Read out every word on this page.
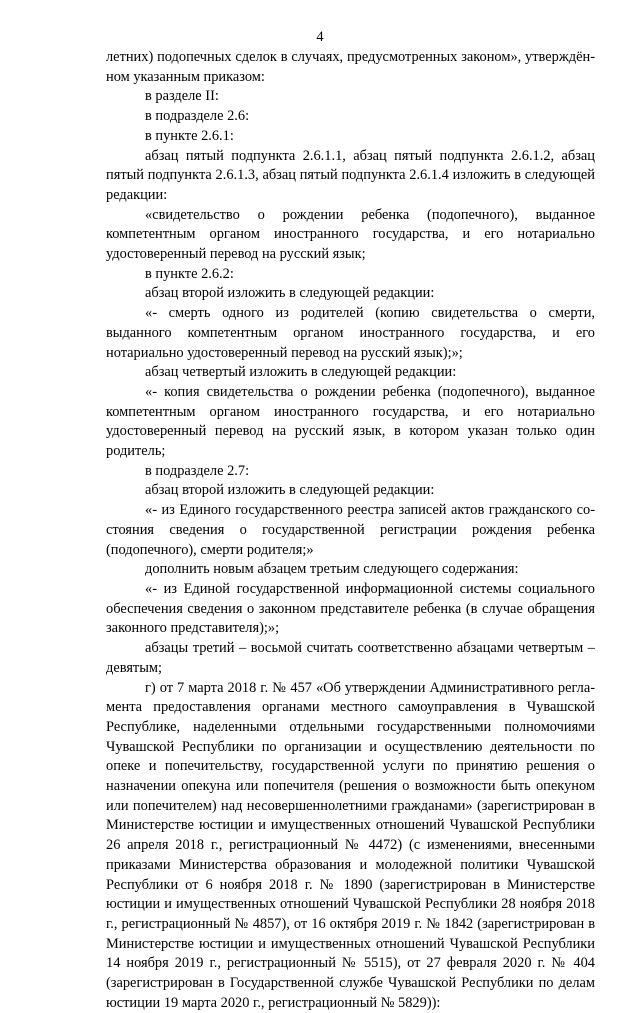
4

летних) подопечных сделок в случаях, предусмотренных законом», утверждённом указанным приказом:

в разделе II:

в подразделе 2.6:

в пункте 2.6.1:

абзац пятый подпункта 2.6.1.1, абзац пятый подпункта 2.6.1.2, абзац пятый подпункта 2.6.1.3, абзац пятый подпункта 2.6.1.4 изложить в следующей редакции:

«свидетельство о рождении ребенка (подопечного), выданное компетентным органом иностранного государства, и его нотариально удостоверенный перевод на русский язык;

в пункте 2.6.2:

абзац второй изложить в следующей редакции:

«- смерть одного из родителей (копию свидетельства о смерти, выданного компетентным органом иностранного государства, и его нотариально удостоверенный перевод на русский язык);»;

абзац четвертый изложить в следующей редакции:

«- копия свидетельства о рождении ребенка (подопечного), выданное компетентным органом иностранного государства, и его нотариально удостоверенный перевод на русский язык, в котором указан только один родитель;

в подразделе 2.7:

абзац второй изложить в следующей редакции:

«- из Единого государственного реестра записей актов гражданского состояния сведения о государственной регистрации рождения ребенка (подопечного), смерти родителя;»

дополнить новым абзацем третьим следующего содержания:

«- из Единой государственной информационной системы социального обеспечения сведения о законном представителе ребенка (в случае обращения законного представителя);»;

абзацы третий – восьмой считать соответственно абзацами четвертым – девятым;

г) от 7 марта 2018 г. № 457 «Об утверждении Административного регламента предоставления органами местного самоуправления в Чувашской Республике, наделенными отдельными государственными полномочиями Чувашской Республики по организации и осуществлению деятельности по опеке и попечительству, государственной услуги по принятию решения о назначении опекуна или попечителя (решения о возможности быть опекуном или попечителем) над несовершеннолетними гражданами» (зарегистрирован в Министерстве юстиции и имущественных отношений Чувашской Республики 26 апреля 2018 г., регистрационный № 4472) (с изменениями, внесенными приказами Министерства образования и молодежной политики Чувашской Республики от 6 ноября 2018 г. № 1890 (зарегистрирован в Министерстве юстиции и имущественных отношений Чувашской Республики 28 ноября 2018 г., регистрационный № 4857), от 16 октября 2019 г. № 1842 (зарегистрирован в Министерстве юстиции и имущественных отношений Чувашской Республики 14 ноября 2019 г., регистрационный № 5515), от 27 февраля 2020 г. № 404 (зарегистрирован в Государственной службе Чувашской Республики по делам юстиции 19 марта 2020 г., регистрационный № 5829)):
